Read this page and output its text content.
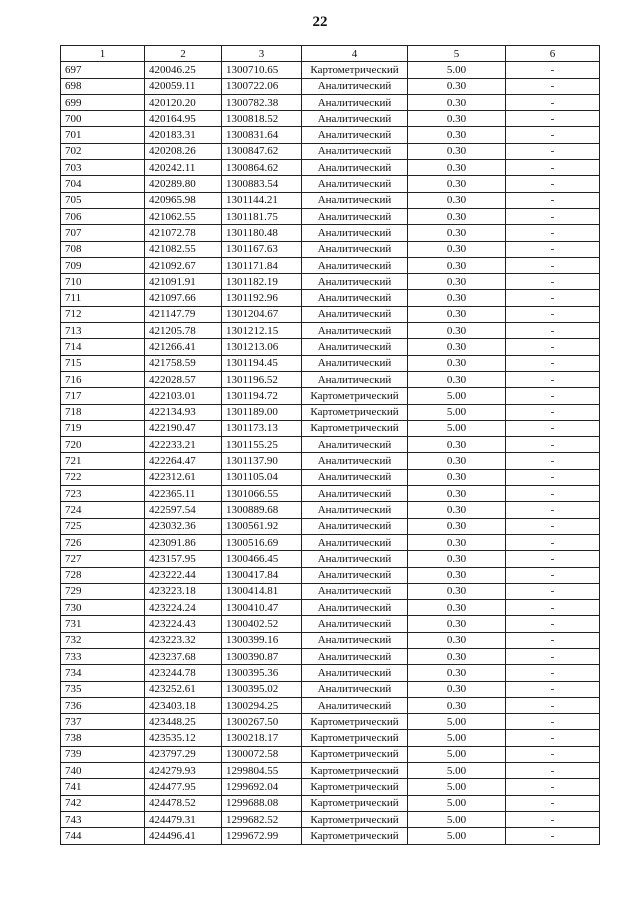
22
1	2	3	4	5	6
697	420046.25	1300710.65	Картометрический	5.00	-
698	420059.11	1300722.06	Аналитический	0.30	-
699	420120.20	1300782.38	Аналитический	0.30	-
700	420164.95	1300818.52	Аналитический	0.30	-
701	420183.31	1300831.64	Аналитический	0.30	-
702	420208.26	1300847.62	Аналитический	0.30	-
703	420242.11	1300864.62	Аналитический	0.30	-
704	420289.80	1300883.54	Аналитический	0.30	-
705	420965.98	1301144.21	Аналитический	0.30	-
706	421062.55	1301181.75	Аналитический	0.30	-
707	421072.78	1301180.48	Аналитический	0.30	-
708	421082.55	1301167.63	Аналитический	0.30	-
709	421092.67	1301171.84	Аналитический	0.30	-
710	421091.91	1301182.19	Аналитический	0.30	-
711	421097.66	1301192.96	Аналитический	0.30	-
712	421147.79	1301204.67	Аналитический	0.30	-
713	421205.78	1301212.15	Аналитический	0.30	-
714	421266.41	1301213.06	Аналитический	0.30	-
715	421758.59	1301194.45	Аналитический	0.30	-
716	422028.57	1301196.52	Аналитический	0.30	-
717	422103.01	1301194.72	Картометрический	5.00	-
718	422134.93	1301189.00	Картометрический	5.00	-
719	422190.47	1301173.13	Картометрический	5.00	-
720	422233.21	1301155.25	Аналитический	0.30	-
721	422264.47	1301137.90	Аналитический	0.30	-
722	422312.61	1301105.04	Аналитический	0.30	-
723	422365.11	1301066.55	Аналитический	0.30	-
724	422597.54	1300889.68	Аналитический	0.30	-
725	423032.36	1300561.92	Аналитический	0.30	-
726	423091.86	1300516.69	Аналитический	0.30	-
727	423157.95	1300466.45	Аналитический	0.30	-
728	423222.44	1300417.84	Аналитический	0.30	-
729	423223.18	1300414.81	Аналитический	0.30	-
730	423224.24	1300410.47	Аналитический	0.30	-
731	423224.43	1300402.52	Аналитический	0.30	-
732	423223.32	1300399.16	Аналитический	0.30	-
733	423237.68	1300390.87	Аналитический	0.30	-
734	423244.78	1300395.36	Аналитический	0.30	-
735	423252.61	1300395.02	Аналитический	0.30	-
736	423403.18	1300294.25	Аналитический	0.30	-
737	423448.25	1300267.50	Картометрический	5.00	-
738	423535.12	1300218.17	Картометрический	5.00	-
739	423797.29	1300072.58	Картометрический	5.00	-
740	424279.93	1299804.55	Картометрический	5.00	-
741	424477.95	1299692.04	Картометрический	5.00	-
742	424478.52	1299688.08	Картометрический	5.00	-
743	424479.31	1299682.52	Картометрический	5.00	-
744	424496.41	1299672.99	Картометрический	5.00	-
